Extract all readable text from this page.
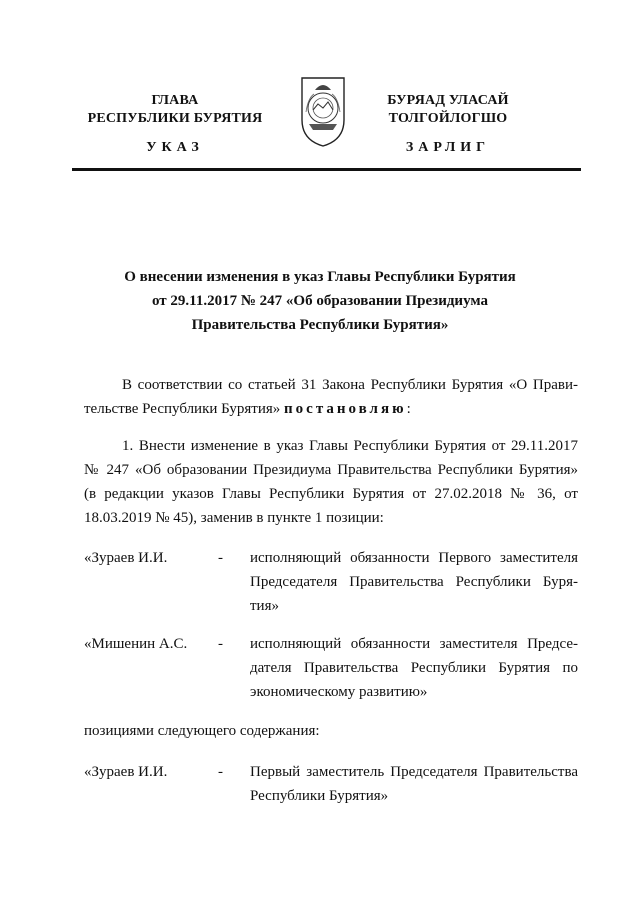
ГЛАВА
РЕСПУБЛИКИ БУРЯТИЯ
УКАЗ
БУРЯАД УЛАСАЙ
ТОЛГОЙЛОГШО
ЗАРЛИГ
О внесении изменения в указ Главы Республики Бурятия
от 29.11.2017 № 247 «Об образовании Президиума
Правительства Республики Бурятия»
В соответствии со статьей 31 Закона Республики Бурятия «О Прави-
тельстве Республики Бурятия» постановляю:
1. Внести изменение в указ Главы Республики Бурятия от 29.11.2017
№ 247 «Об образовании Президиума Правительства Республики Бурятия»
(в редакции указов Главы Республики Бурятия от 27.02.2018 № 36, от
18.03.2019 № 45), заменив в пункте 1 позиции:
«Зураев И.И.	-	исполняющий обязанности Первого заместителя
Председателя Правительства Республики Буря-
тия»
«Мишенин А.С.	-	исполняющий обязанности заместителя Предсе-
дателя Правительства Республики Бурятия по
экономическому развитию»
позициями следующего содержания:
«Зураев И.И.	-	Первый заместитель Председателя Правительства
Республики Бурятия»
